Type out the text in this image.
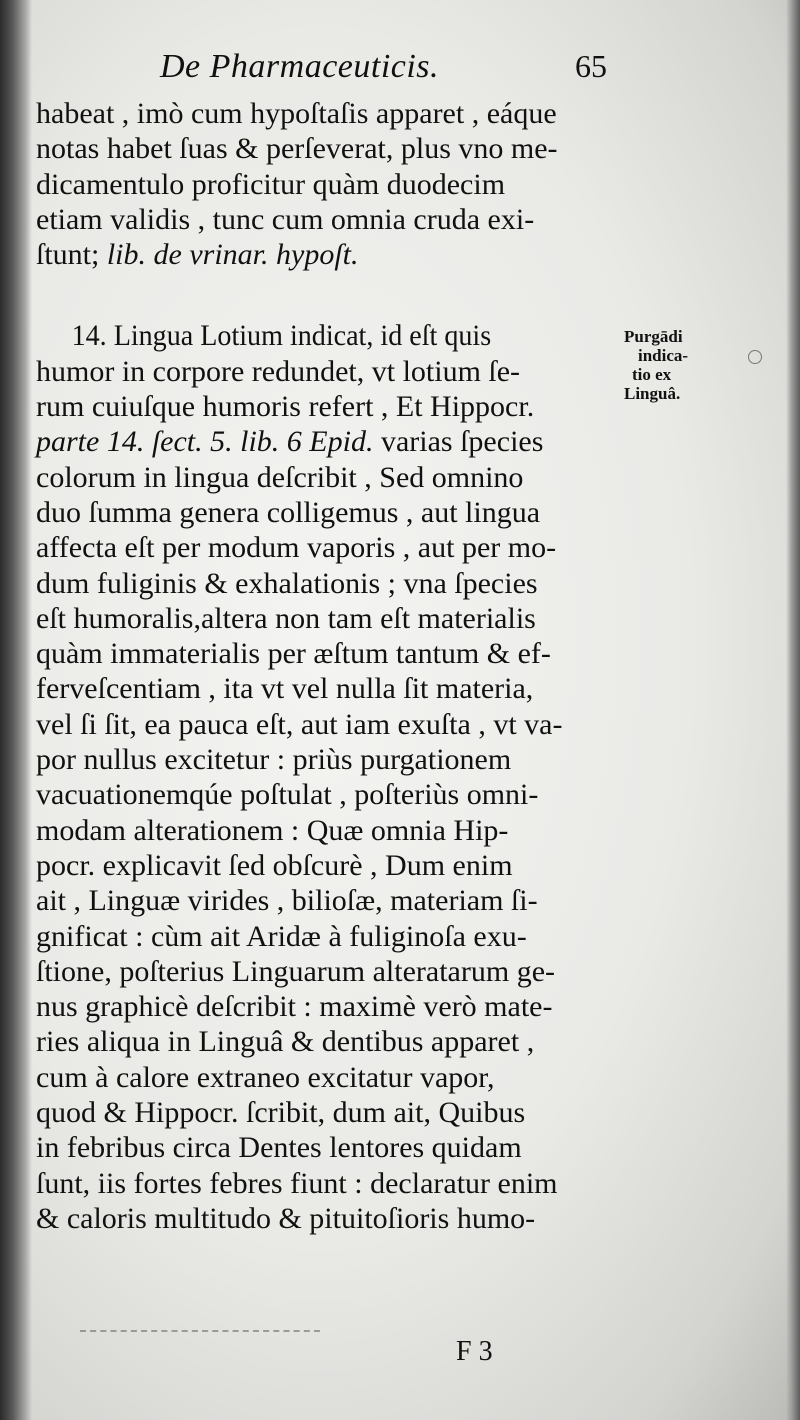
De Pharmaceuticis.	65
habeat , imò cum hypoſtaſis apparet , eáque
notas habet ſuas & perſeverat, plus vno me-
dicamentulo proficitur quàm duodecim
etiam validis , tunc cum omnia cruda exi-
ſtunt; lib. de vrinar. hypoſt.
14. Lingua Lotium indicat, id eſt quis
humor in corpore redundet, vt lotium ſe-
rum cuiuſque humoris refert , Et Hippocr.
parte 14. ſect. 5. lib. 6 Epid. varias ſpecies
colorum in lingua deſcribit , Sed omnino
duo ſumma genera colligemus , aut lingua
affecta eſt per modum vaporis , aut per mo-
dum fuliginis & exhalationis ; vna ſpecies
eſt humoralis,altera non tam eſt materialis
quàm immaterialis per æſtum tantum & ef-
ferveſcentiam , ita vt vel nulla ſit materia,
vel ſi ſit, ea pauca eſt, aut iam exuſta , vt va-
por nullus excitetur : priùs purgationem
vacuationemqúe poſtulat , poſteriùs omni-
modam alterationem : Quæ omnia Hip-
pocr. explicavit ſed obſcurè , Dum enim
ait , Linguæ virides , bilioſæ, materiam ſi-
gnificat : cùm ait Aridæ à fuliginoſa exu-
ſtione, poſterius Linguarum alteratarum ge-
nus graphicè deſcribit : maximè verò mate-
ries aliqua in Linguâ & dentibus apparet ,
cum à calore extraneo excitatur vapor,
quod & Hippocr. ſcribit, dum ait, Quibus
in febribus circa Dentes lentores quidam
ſunt, iis fortes febres fiunt : declaratur enim
& caloris multitudo & pituitoſioris humo-
Purgādi
indica-
tio ex
Linguâ.
F 3
